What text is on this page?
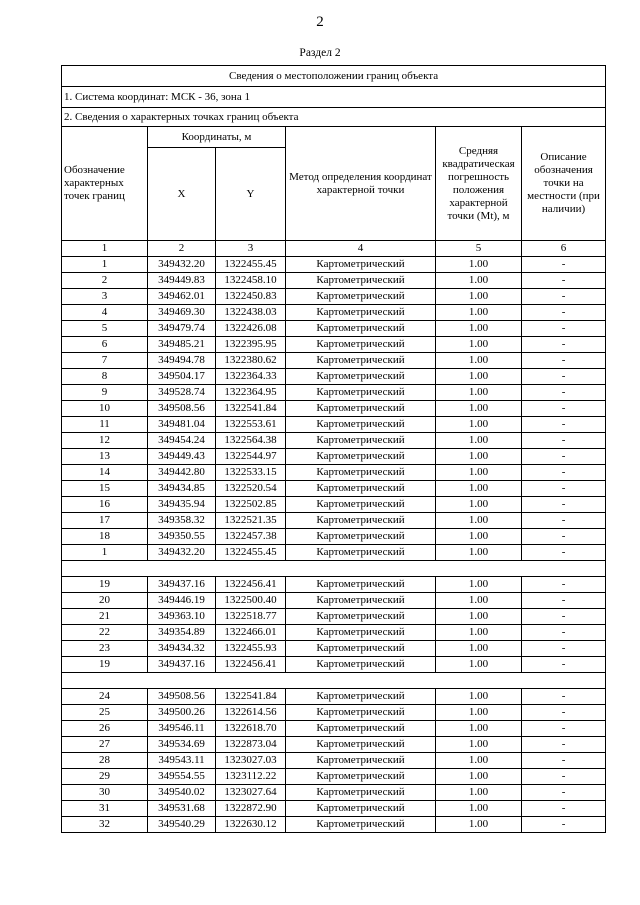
2
Раздел 2
Сведения о местоположении границ объекта					
1. Система координат: МСК - 36, зона 1					
2. Сведения о характерных точках границ объекта					
Обозначение характерных точек границ	Координаты, м		Метод определения координат характерной точки	Средняя квадратическая погрешность положения характерной точки (Mt), м	Описание обозначения точки на местности (при наличии)
	X	Y			
1	2	3	4	5	6
1	349432.20	1322455.45	Картометрический	1.00	-
2	349449.83	1322458.10	Картометрический	1.00	-
3	349462.01	1322450.83	Картометрический	1.00	-
4	349469.30	1322438.03	Картометрический	1.00	-
5	349479.74	1322426.08	Картометрический	1.00	-
6	349485.21	1322395.95	Картометрический	1.00	-
7	349494.78	1322380.62	Картометрический	1.00	-
8	349504.17	1322364.33	Картометрический	1.00	-
9	349528.74	1322364.95	Картометрический	1.00	-
10	349508.56	1322541.84	Картометрический	1.00	-
11	349481.04	1322553.61	Картометрический	1.00	-
12	349454.24	1322564.38	Картометрический	1.00	-
13	349449.43	1322544.97	Картометрический	1.00	-
14	349442.80	1322533.15	Картометрический	1.00	-
15	349434.85	1322520.54	Картометрический	1.00	-
16	349435.94	1322502.85	Картометрический	1.00	-
17	349358.32	1322521.35	Картометрический	1.00	-
18	349350.55	1322457.38	Картометрический	1.00	-
1	349432.20	1322455.45	Картометрический	1.00	-

19	349437.16	1322456.41	Картометрический	1.00	-
20	349446.19	1322500.40	Картометрический	1.00	-
21	349363.10	1322518.77	Картометрический	1.00	-
22	349354.89	1322466.01	Картометрический	1.00	-
23	349434.32	1322455.93	Картометрический	1.00	-
19	349437.16	1322456.41	Картометрический	1.00	-

24	349508.56	1322541.84	Картометрический	1.00	-
25	349500.26	1322614.56	Картометрический	1.00	-
26	349546.11	1322618.70	Картометрический	1.00	-
27	349534.69	1322873.04	Картометрический	1.00	-
28	349543.11	1323027.03	Картометрический	1.00	-
29	349554.55	1323112.22	Картометрический	1.00	-
30	349540.02	1323027.64	Картометрический	1.00	-
31	349531.68	1322872.90	Картометрический	1.00	-
32	349540.29	1322630.12	Картометрический	1.00	-
